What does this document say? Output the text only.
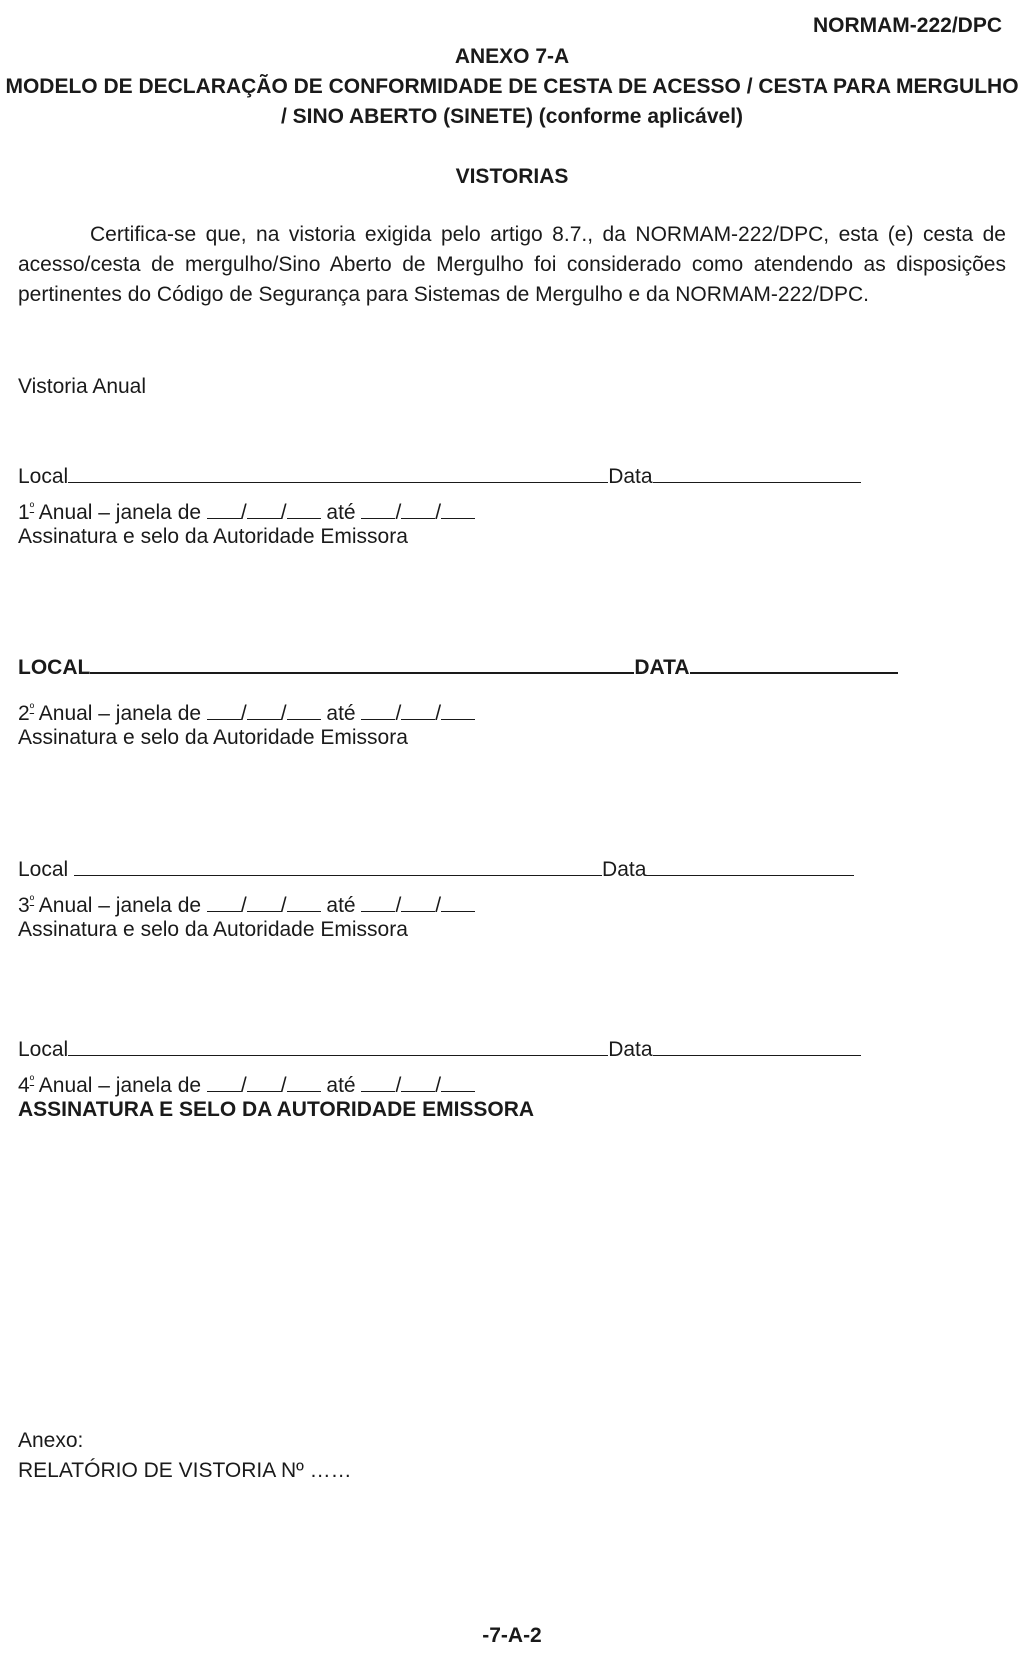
NORMAM-222/DPC
ANEXO 7-A
MODELO DE DECLARAÇÃO DE CONFORMIDADE DE CESTA DE ACESSO / CESTA PARA MERGULHO
/ SINO ABERTO (SINETE) (conforme aplicável)
VISTORIAS
Certifica-se que, na vistoria exigida pelo artigo 8.7., da NORMAM-222/DPC, esta (e) cesta de acesso/cesta de mergulho/Sino Aberto de Mergulho foi considerado como atendendo as disposições pertinentes do Código de Segurança para Sistemas de Mergulho e da NORMAM-222/DPC.
Vistoria Anual
Local	Data
$1^º$ Anual – janela de / / até / /
Assinatura e selo da Autoridade Emissora
LOCAL	DATA
$2^º$ Anual – janela de / / até / /
Assinatura e selo da Autoridade Emissora
Local	Data
$3^º$ Anual – janela de / / até / /
Assinatura e selo da Autoridade Emissora
Local	Data
$4^º$ Anual – janela de / / até / /
ASSINATURA E SELO DA AUTORIDADE EMISSORA
Anexo:
RELATÓRIO DE VISTORIA Nº ……
-7-A-2
